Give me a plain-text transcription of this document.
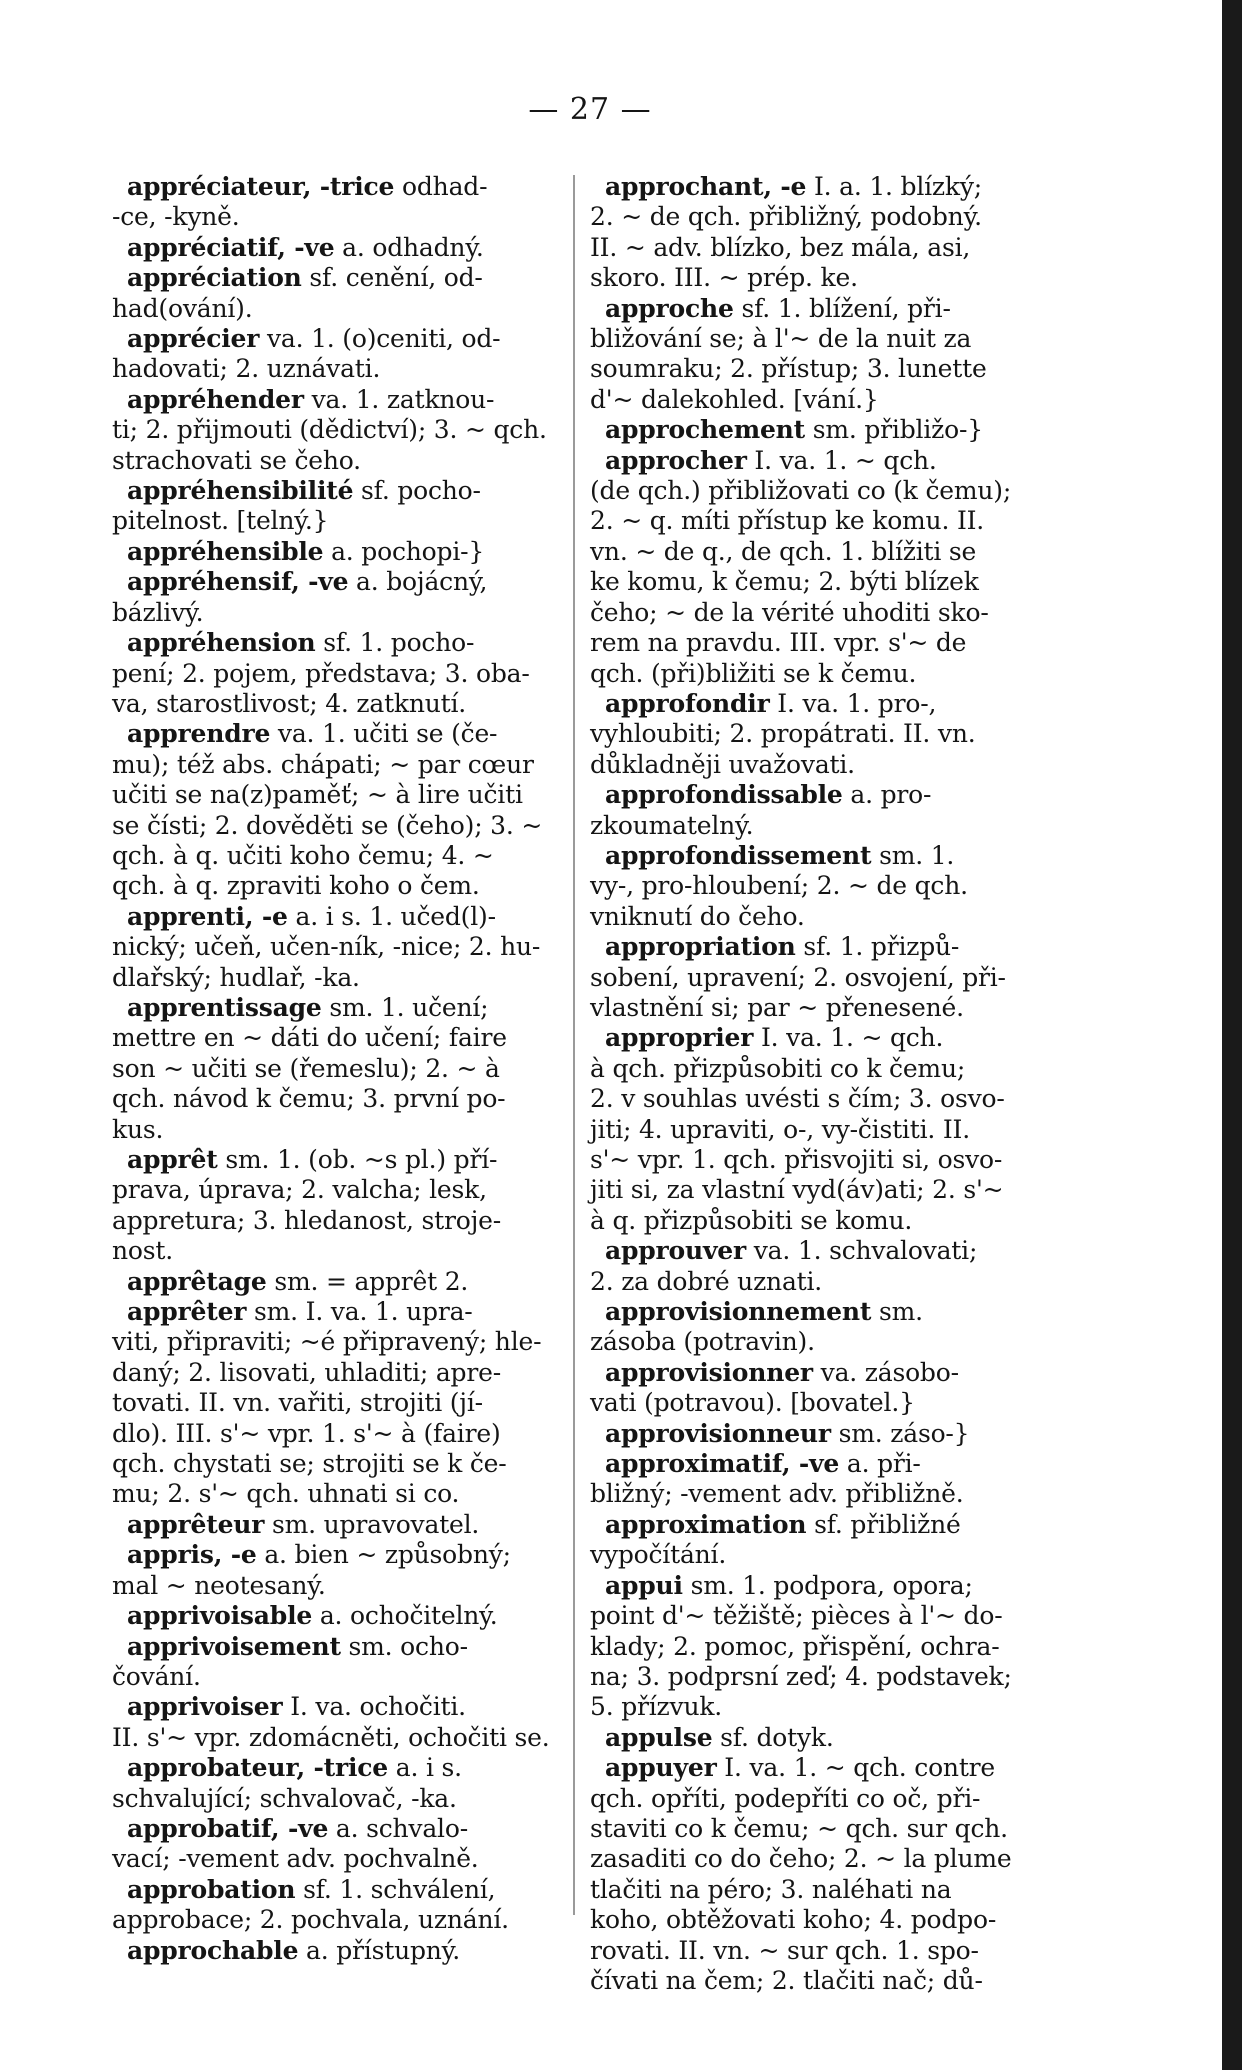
— 27 —
appréciateur, -trice odhad-
-ce, -kyně.
appréciatif, -ve a. odhadný.
appréciation sf. cenění, od-
had(ování).
apprécier va. 1. (o)ceniti, od-
hadovati; 2. uznávati.
appréhender va. 1. zatknou-
ti; 2. přijmouti (dědictví); 3. ~ qch.
strachovati se čeho.
appréhensibilité sf. pocho-
pitelnost. [telný.}
appréhensible a. pochopi-}
appréhensif, -ve a. bojácný,
bázlivý.
appréhension sf. 1. pocho-
pení; 2. pojem, představa; 3. oba-
va, starostlivost; 4. zatknutí.
apprendre va. 1. učiti se (če-
mu); též abs. chápati; ~ par cœur
učiti se na(z)paměť; ~ à lire učiti
se čísti; 2. dověděti se (čeho); 3. ~
qch. à q. učiti koho čemu; 4. ~
qch. à q. zpraviti koho o čem.
apprenti, -e a. i s. 1. učed(l)-
nický; učeň, učen-ník, -nice; 2. hu-
dlařský; hudlař, -ka.
apprentissage sm. 1. učení;
mettre en ~ dáti do učení; faire
son ~ učiti se (řemeslu); 2. ~ à
qch. návod k čemu; 3. první po-
kus.
apprêt sm. 1. (ob. ~s pl.) pří-
prava, úprava; 2. valcha; lesk,
appretura; 3. hledanost, stroje-
nost.
apprêtage sm. = apprêt 2.
apprêter sm. I. va. 1. upra-
viti, připraviti; ~é připravený; hle-
daný; 2. lisovati, uhladiti; apre-
tovati. II. vn. vařiti, strojiti (jí-
dlo). III. s'~ vpr. 1. s'~ à (faire)
qch. chystati se; strojiti se k če-
mu; 2. s'~ qch. uhnati si co.
apprêteur sm. upravovatel.
appris, -e a. bien ~ způsobný;
mal ~ neotesaný.
apprivoisable a. ochočitelný.
apprivoisement sm. ocho-
čování.
apprivoiser I. va. ochočiti.
II. s'~ vpr. zdomácněti, ochočiti se.
approbateur, -trice a. i s.
schvalující; schvalovač, -ka.
approbatif, -ve a. schvalo-
vací; -vement adv. pochvalně.
approbation sf. 1. schválení,
approbace; 2. pochvala, uznání.
approchable a. přístupný.
approchant, -e I. a. 1. blízký;
2. ~ de qch. přibližný, podobný.
II. ~ adv. blízko, bez mála, asi,
skoro. III. ~ prép. ke.
approche sf. 1. blížení, při-
bližování se; à l'~ de la nuit za
soumraku; 2. přístup; 3. lunette
d'~ dalekohled. [vání.}
approchement sm. přibližo-}
approcher I. va. 1. ~ qch.
(de qch.) přibližovati co (k čemu);
2. ~ q. míti přístup ke komu. II.
vn. ~ de q., de qch. 1. blížiti se
ke komu, k čemu; 2. býti blízek
čeho; ~ de la vérité uhoditi sko-
rem na pravdu. III. vpr. s'~ de
qch. (při)bližiti se k čemu.
approfondir I. va. 1. pro-,
vyhloubiti; 2. propátrati. II. vn.
důkladněji uvažovati.
approfondissable a. pro-
zkoumatelný.
approfondissement sm. 1.
vy-, pro-hloubení; 2. ~ de qch.
vniknutí do čeho.
appropriation sf. 1. přizpů-
sobení, upravení; 2. osvojení, při-
vlastnění si; par ~ přenesené.
approprier I. va. 1. ~ qch.
à qch. přizpůsobiti co k čemu;
2. v souhlas uvésti s čím; 3. osvo-
jiti; 4. upraviti, o-, vy-čistiti. II.
s'~ vpr. 1. qch. přisvojiti si, osvo-
jiti si, za vlastní vyd(áv)ati; 2. s'~
à q. přizpůsobiti se komu.
approuver va. 1. schvalovati;
2. za dobré uznati.
approvisionnement sm.
zásoba (potravin).
approvisionner va. zásobo-
vati (potravou). [bovatel.}
approvisionneur sm. záso-}
approximatif, -ve a. při-
bližný; -vement adv. přibližně.
approximation sf. přibližné
vypočítání.
appui sm. 1. podpora, opora;
point d'~ těžiště; pièces à l'~ do-
klady; 2. pomoc, přispění, ochra-
na; 3. podprsní zeď; 4. podstavek;
5. přízvuk.
appulse sf. dotyk.
appuyer I. va. 1. ~ qch. contre
qch. opříti, podepříti co oč, při-
staviti co k čemu; ~ qch. sur qch.
zasaditi co do čeho; 2. ~ la plume
tlačiti na péro; 3. naléhati na
koho, obtěžovati koho; 4. podpo-
rovati. II. vn. ~ sur qch. 1. spo-
čívati na čem; 2. tlačiti nač; dů-
